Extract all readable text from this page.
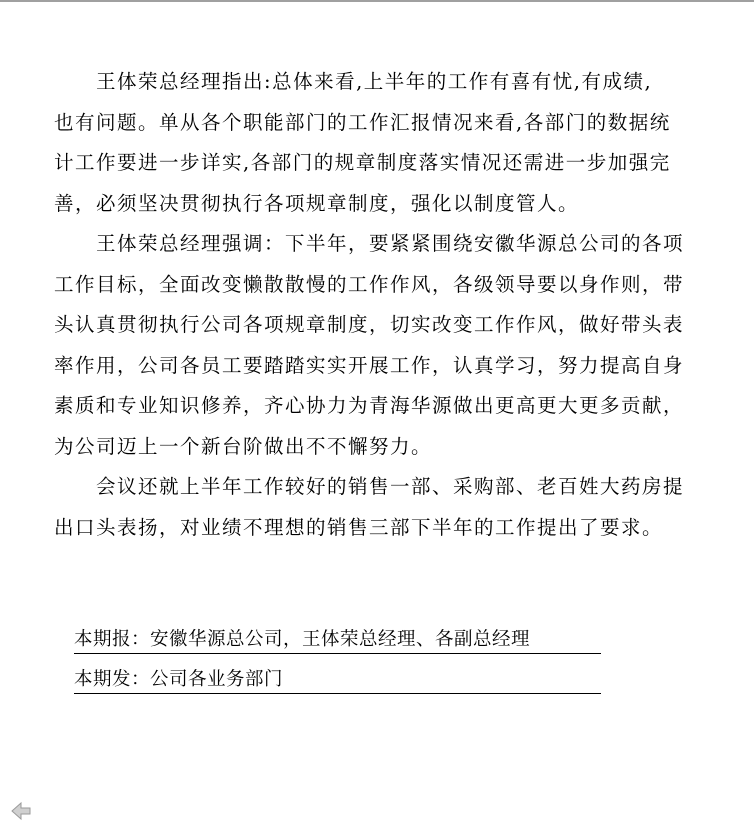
王体荣总经理指出:总体来看,上半年的工作有喜有忧,有成绩,
也有问题。单从各个职能部门的工作汇报情况来看,各部门的数据统
计工作要进一步详实,各部门的规章制度落实情况还需进一步加强完
善，必须坚决贯彻执行各项规章制度，强化以制度管人。

王体荣总经理强调：下半年，要紧紧围绕安徽华源总公司的各项
工作目标，全面改变懒散散慢的工作作风，各级领导要以身作则，带
头认真贯彻执行公司各项规章制度，切实改变工作作风，做好带头表
率作用，公司各员工要踏踏实实开展工作，认真学习，努力提高自身
素质和专业知识修养，齐心协力为青海华源做出更高更大更多贡献，
为公司迈上一个新台阶做出不不懈努力。

会议还就上半年工作较好的销售一部、采购部、老百姓大药房提
出口头表扬，对业绩不理想的销售三部下半年的工作提出了要求。

本期报：安徽华源总公司，王体荣总经理、各副总经理
本期发：公司各业务部门
